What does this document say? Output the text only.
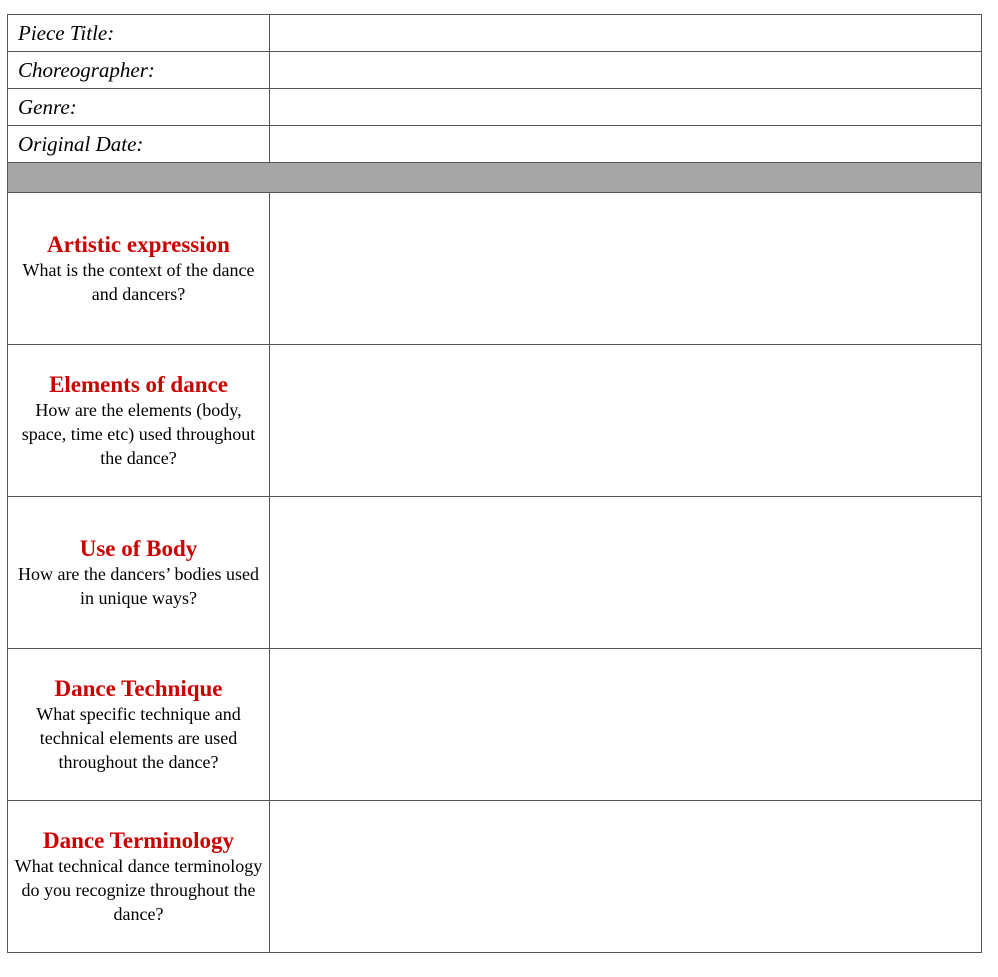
Piece Title:	
Choreographer:	
Genre:	
Original Date:	

Artistic expression
What is the context of the dance and dancers?	

Elements of dance
How are the elements (body, space, time etc) used throughout the dance?	

Use of Body
How are the dancers’ bodies used in unique ways?	

Dance Technique
What specific technique and technical elements are used throughout the dance?	

Dance Terminology
What technical dance terminology do you recognize throughout the dance?	
